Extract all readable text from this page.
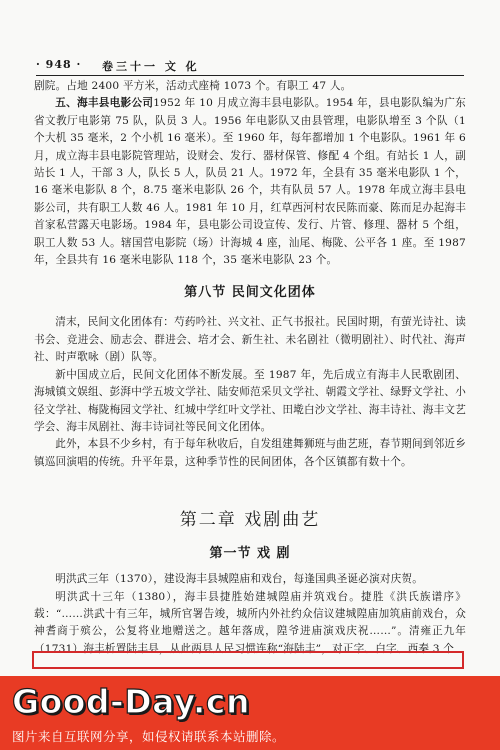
· 948 · 卷三十一 文 化

剧院。占地 2400 平方米，活动式座椅 1073 个。有职工 47 人。

五、海丰县电影公司1952 年 10 月成立海丰县电影队。1954 年，县电影队编为广东省文教厅电影第 75 队，队员 3 人。1956 年电影队又由县管理，电影队增至 3 个队（1 个大机 35 毫米，2 个小机 16 毫米）。至 1960 年，每年都增加 1 个电影队。1961 年 6 月，成立海丰县电影院管理站，设财会、发行、器材保管、修配 4 个组。有站长 1 人，副站长 1 人，干部 3 人，队长 5 人，队员 21 人。1972 年，全县有 35 毫米电影队 1 个，16 毫米电影队 8 个，8.75 毫米电影队 26 个，共有队员 57 人。1978 年成立海丰县电影公司，共有职工人数 46 人。1981 年 10 月，红草西河村农民陈而豪、陈而足办起海丰首家私营露天电影场。1984 年，县电影公司设宣传、发行、片管、修理、器材 5 个组，职工人数 53 人。辖国营电影院（场）计海城 4 座，汕尾、梅陇、公平各 1 座。至 1987 年，全县共有 16 毫米电影队 118 个，35 毫米电影队 23 个。

第八节 民间文化团体

清末，民间文化团体有：芍药吟社、兴文社、正气书报社。民国时期，有萤光诗社、读书会、竞进会、励志会、群进会、培才会、新生社、未名剧社（微明剧社）、时代社、海声社、时声歌咏（剧）队等。

新中国成立后，民间文化团体不断发展。至 1987 年，先后成立有海丰人民歌剧团、海城镇文娱组、彭湃中学五坡文学社、陆安师范采贝文学社、朝霞文学社、绿野文学社、小径文学社、梅陇梅园文学社、红城中学红叶文学社、田墘白沙文学社、海丰诗社、海丰文艺学会、海丰凤剧社、海丰诗词社等民间文化团体。

此外，本县不少乡村，有于每年秋收后，自发组建舞狮班与曲艺班，春节期间到邻近乡镇巡回演唱的传统。升平年景，这种季节性的民间团体，各个区镇都有数十个。

第二章 戏剧曲艺
第一节 戏 剧

明洪武三年（1370），建设海丰县城隍庙和戏台，每逢国典圣诞必演对庆贺。

明洪武十三年（1380），海丰县捷胜始建城隍庙并筑戏台。捷胜《洪氏族谱序》载：“……洪武十有三年，城所官署告竣，城所内外社约众信议建城隍庙加筑庙前戏台，众神耆商于殡公，公复将业地赠送之。越年落成，隍爷进庙演戏庆祝……”。清雍正九年（1731）海丰析置陆丰县，从此两县人民习惯连称“海陆丰”，对正字、白字、西秦 3 个

Good-Day.cn
图片来自互联网分享，如侵权请联系本站删除。
